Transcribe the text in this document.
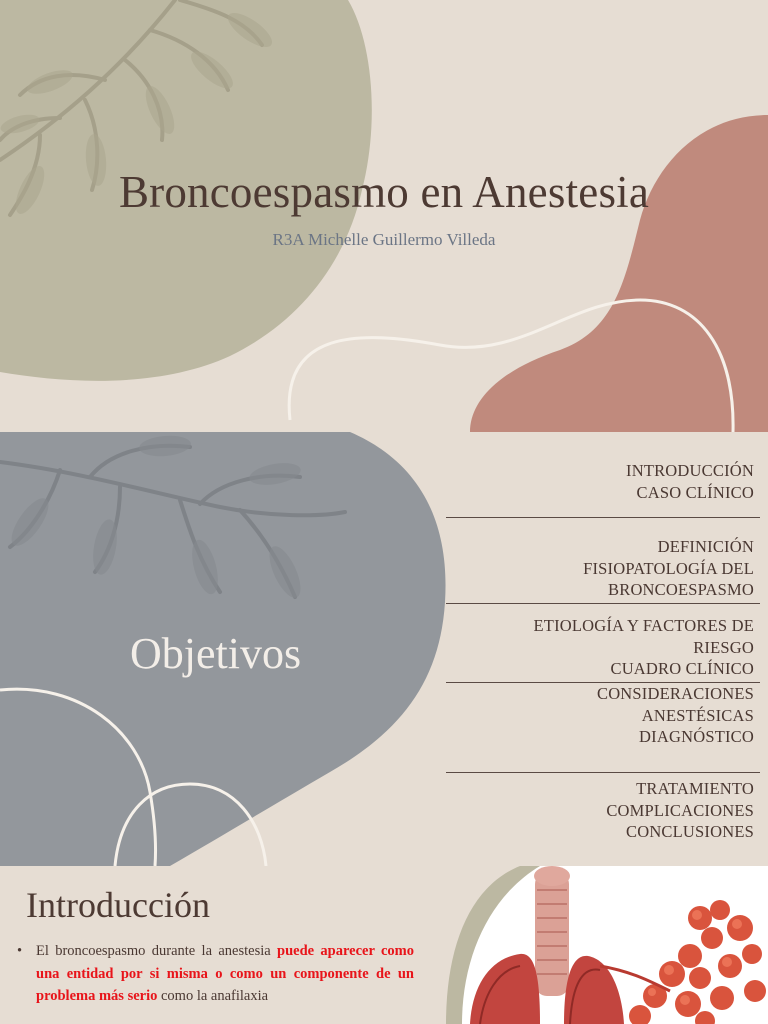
Broncoespasmo en Anestesia
R3A Michelle Guillermo Villeda
Objetivos
INTRODUCCIÓN
CASO CLÍNICO
DEFINICIÓN
FISIOPATOLOGÍA DEL
BRONCOESPASMO
ETIOLOGÍA Y FACTORES DE
RIESGO
CUADRO CLÍNICO
CONSIDERACIONES
ANESTÉSICAS
DIAGNÓSTICO
TRATAMIENTO
COMPLICACIONES
CONCLUSIONES
Introducción
• El broncoespasmo durante la anestesia puede aparecer como una entidad por si misma o como un componente de un problema más serio como la anafilaxia
